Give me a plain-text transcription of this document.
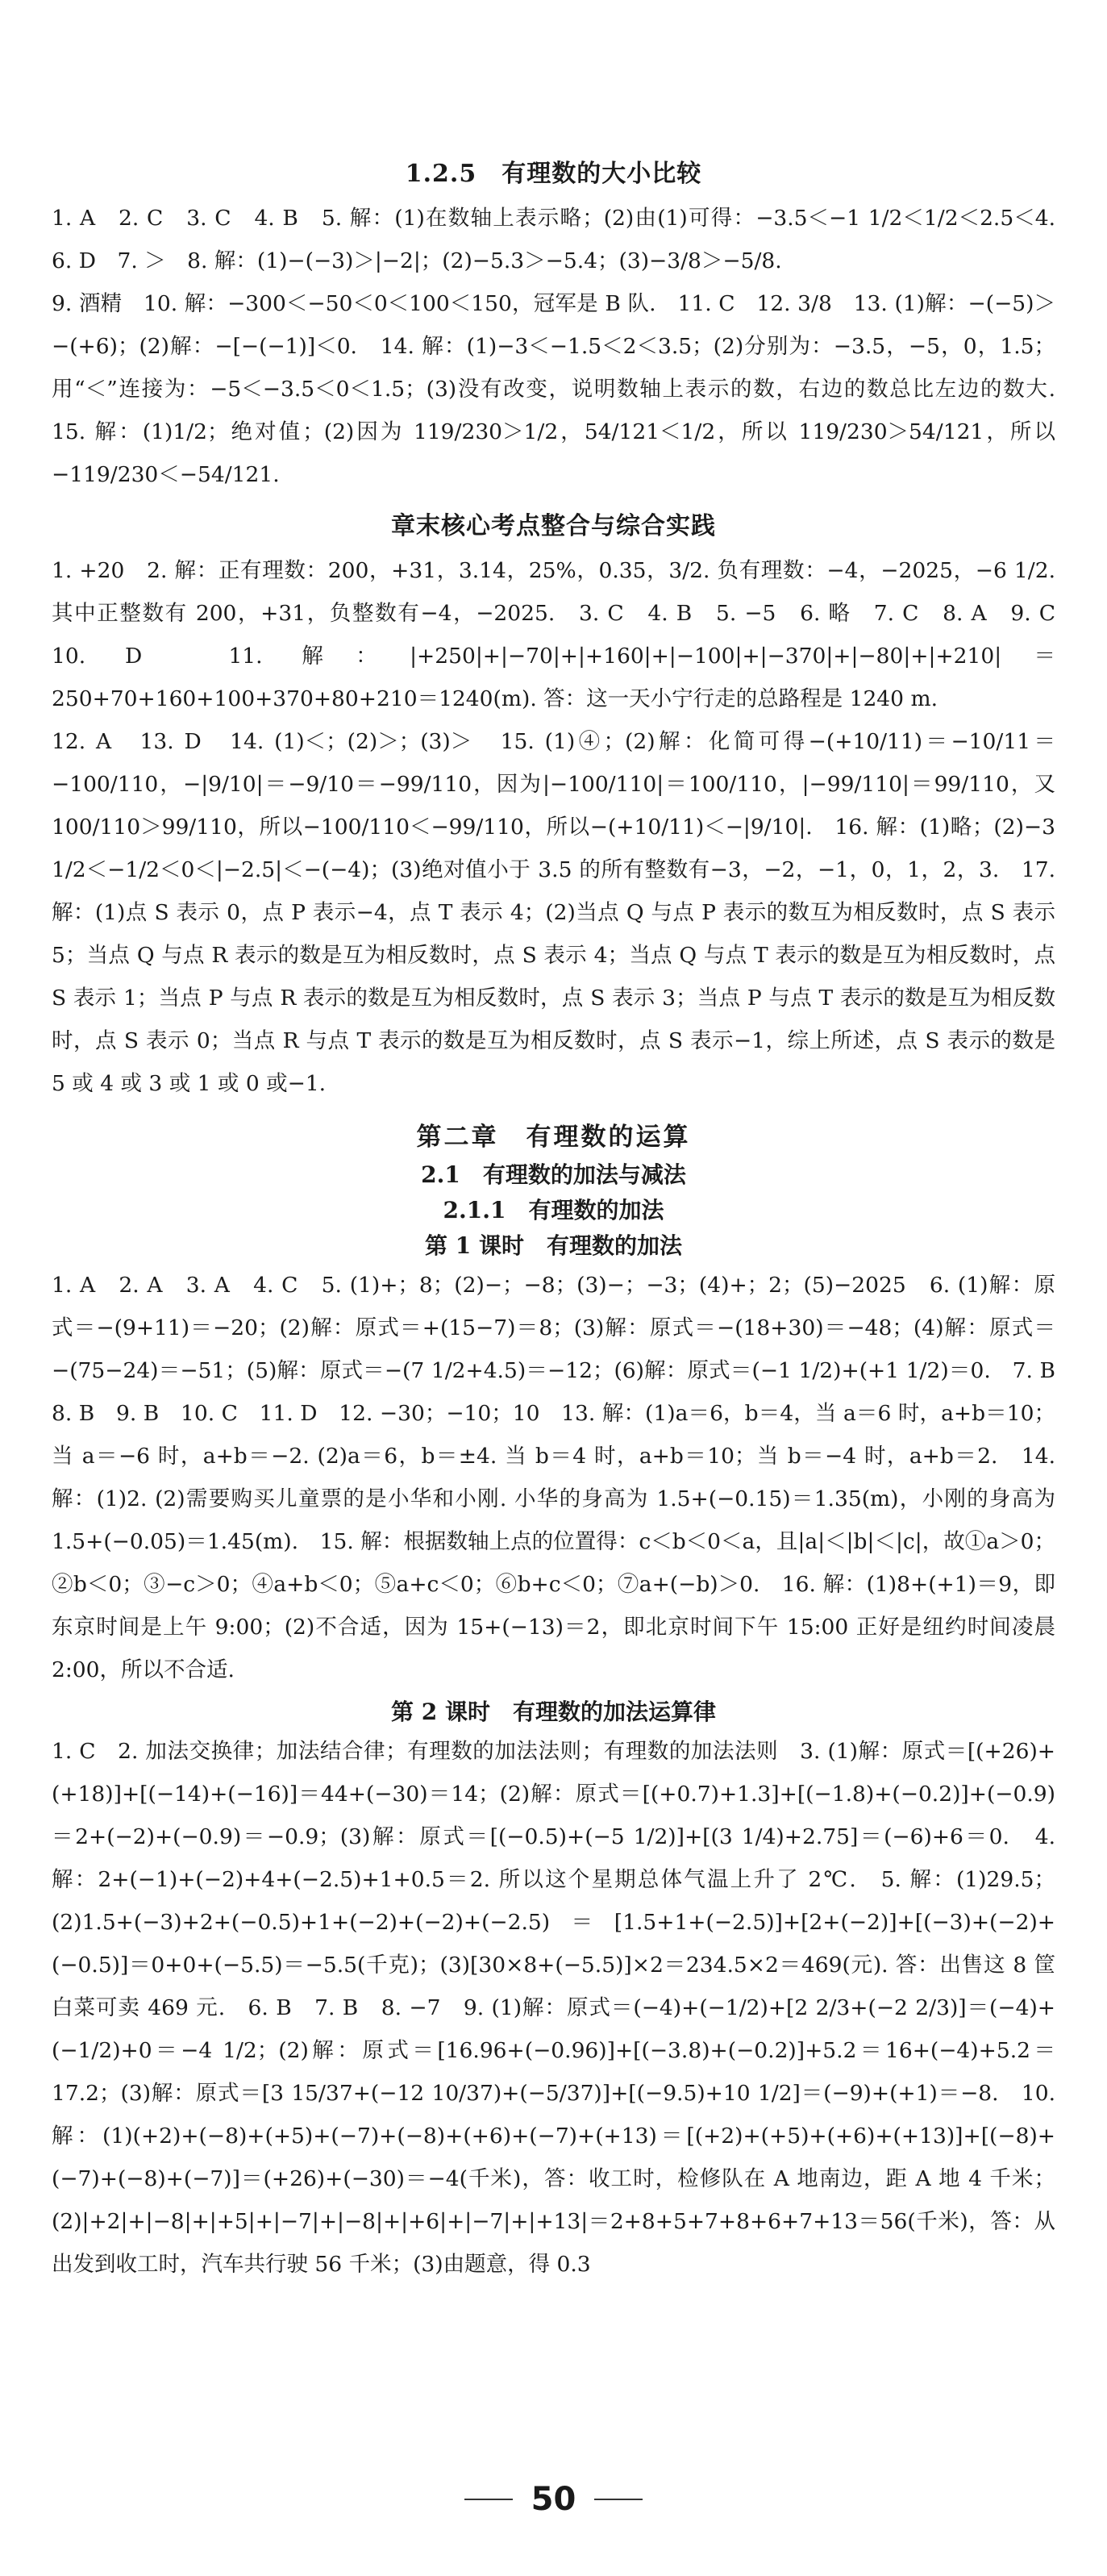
1.2.5　有理数的大小比较

1. A　2. C　3. C　4. B　5. 解：(1)在数轴上表示略；(2)由(1)可得：−3.5＜−1 1/2＜1/2＜2.5＜4.　6. D　7. ＞　8. 解：(1)−(−3)＞|−2|；(2)−5.3＞−5.4；(3)−3/8＞−5/8.

9. 酒精　10. 解：−300＜−50＜0＜100＜150，冠军是 B 队.　11. C　12. 3/8　13. (1)解：−(−5)＞−(+6)；(2)解：−[−(−1)]＜0.　14. 解：(1)−3＜−1.5＜2＜3.5；(2)分别为：−3.5，−5，0，1.5；用“＜”连接为：−5＜−3.5＜0＜1.5；(3)没有改变，说明数轴上表示的数，右边的数总比左边的数大.　15. 解：(1)1/2；绝对值；(2)因为 119/230＞1/2，54/121＜1/2，所以 119/230＞54/121，所以−119/230＜−54/121.

章末核心考点整合与综合实践

1. +20　2. 解：正有理数：200，+31，3.14，25%，0.35，3/2. 负有理数：−4，−2025，−6 1/2. 其中正整数有 200，+31，负整数有−4，−2025.　3. C　4. B　5. −5　6. 略　7. C　8. A　9. C　10. D　11. 解：|+250|+|−70|+|+160|+|−100|+|−370|+|−80|+|+210|＝250+70+160+100+370+80+210＝1240(m). 答：这一天小宁行走的总路程是 1240 m.

12. A　13. D　14. (1)＜；(2)＞；(3)＞　15. (1)④；(2)解：化简可得−(+10/11)＝−10/11＝−100/110，−|9/10|＝−9/10＝−99/110，因为|−100/110|＝100/110，|−99/110|＝99/110，又 100/110＞99/110，所以−100/110＜−99/110，所以−(+10/11)＜−|9/10|.　16. 解：(1)略；(2)−3 1/2＜−1/2＜0＜|−2.5|＜−(−4)；(3)绝对值小于 3.5 的所有整数有−3，−2，−1，0，1，2，3.　17. 解：(1)点 S 表示 0，点 P 表示−4，点 T 表示 4；(2)当点 Q 与点 P 表示的数互为相反数时，点 S 表示 5；当点 Q 与点 R 表示的数是互为相反数时，点 S 表示 4；当点 Q 与点 T 表示的数是互为相反数时，点 S 表示 1；当点 P 与点 R 表示的数是互为相反数时，点 S 表示 3；当点 P 与点 T 表示的数是互为相反数时，点 S 表示 0；当点 R 与点 T 表示的数是互为相反数时，点 S 表示−1，综上所述，点 S 表示的数是 5 或 4 或 3 或 1 或 0 或−1.

第二章　有理数的运算
2.1　有理数的加法与减法
2.1.1　有理数的加法
第 1 课时　有理数的加法

1. A　2. A　3. A　4. C　5. (1)+；8；(2)−；−8；(3)−；−3；(4)+；2；(5)−2025　6. (1)解：原式＝−(9+11)＝−20；(2)解：原式＝+(15−7)＝8；(3)解：原式＝−(18+30)＝−48；(4)解：原式＝−(75−24)＝−51；(5)解：原式＝−(7 1/2+4.5)＝−12；(6)解：原式＝(−1 1/2)+(+1 1/2)＝0.　7. B　8. B　9. B　10. C　11. D　12. −30；−10；10　13. 解：(1)a＝6，b＝4，当 a＝6 时，a+b＝10；当 a＝−6 时，a+b＝−2. (2)a＝6，b＝±4. 当 b＝4 时，a+b＝10；当 b＝−4 时，a+b＝2.　14. 解：(1)2. (2)需要购买儿童票的是小华和小刚. 小华的身高为 1.5+(−0.15)＝1.35(m)，小刚的身高为 1.5+(−0.05)＝1.45(m).　15. 解：根据数轴上点的位置得：c＜b＜0＜a，且|a|＜|b|＜|c|，故①a＞0；②b＜0；③−c＞0；④a+b＜0；⑤a+c＜0；⑥b+c＜0；⑦a+(−b)＞0.　16. 解：(1)8+(+1)＝9，即东京时间是上午 9:00；(2)不合适，因为 15+(−13)＝2，即北京时间下午 15:00 正好是纽约时间凌晨 2:00，所以不合适.

第 2 课时　有理数的加法运算律

1. C　2. 加法交换律；加法结合律；有理数的加法法则；有理数的加法法则　3. (1)解：原式＝[(+26)+(+18)]+[(−14)+(−16)]＝44+(−30)＝14；(2)解：原式＝[(+0.7)+1.3]+[(−1.8)+(−0.2)]+(−0.9)＝2+(−2)+(−0.9)＝−0.9；(3)解：原式＝[(−0.5)+(−5 1/2)]+[(3 1/4)+2.75]＝(−6)+6＝0.　4. 解：2+(−1)+(−2)+4+(−2.5)+1+0.5＝2. 所以这个星期总体气温上升了 2℃.　5. 解：(1)29.5；(2)1.5+(−3)+2+(−0.5)+1+(−2)+(−2)+(−2.5)＝[1.5+1+(−2.5)]+[2+(−2)]+[(−3)+(−2)+(−0.5)]＝0+0+(−5.5)＝−5.5(千克)；(3)[30×8+(−5.5)]×2＝234.5×2＝469(元). 答：出售这 8 筐白菜可卖 469 元.　6. B　7. B　8. −7　9. (1)解：原式＝(−4)+(−1/2)+[2 2/3+(−2 2/3)]＝(−4)+(−1/2)+0＝−4 1/2；(2)解：原式＝[16.96+(−0.96)]+[(−3.8)+(−0.2)]+5.2＝16+(−4)+5.2＝17.2；(3)解：原式＝[3 15/37+(−12 10/37)+(−5/37)]+[(−9.5)+10 1/2]＝(−9)+(+1)＝−8.　10. 解：(1)(+2)+(−8)+(+5)+(−7)+(−8)+(+6)+(−7)+(+13)＝[(+2)+(+5)+(+6)+(+13)]+[(−8)+(−7)+(−8)+(−7)]＝(+26)+(−30)＝−4(千米)，答：收工时，检修队在 A 地南边，距 A 地 4 千米；(2)|+2|+|−8|+|+5|+|−7|+|−8|+|+6|+|−7|+|+13|＝2+8+5+7+8+6+7+13＝56(千米)，答：从出发到收工时，汽车共行驶 56 千米；(3)由题意，得 0.3

50
